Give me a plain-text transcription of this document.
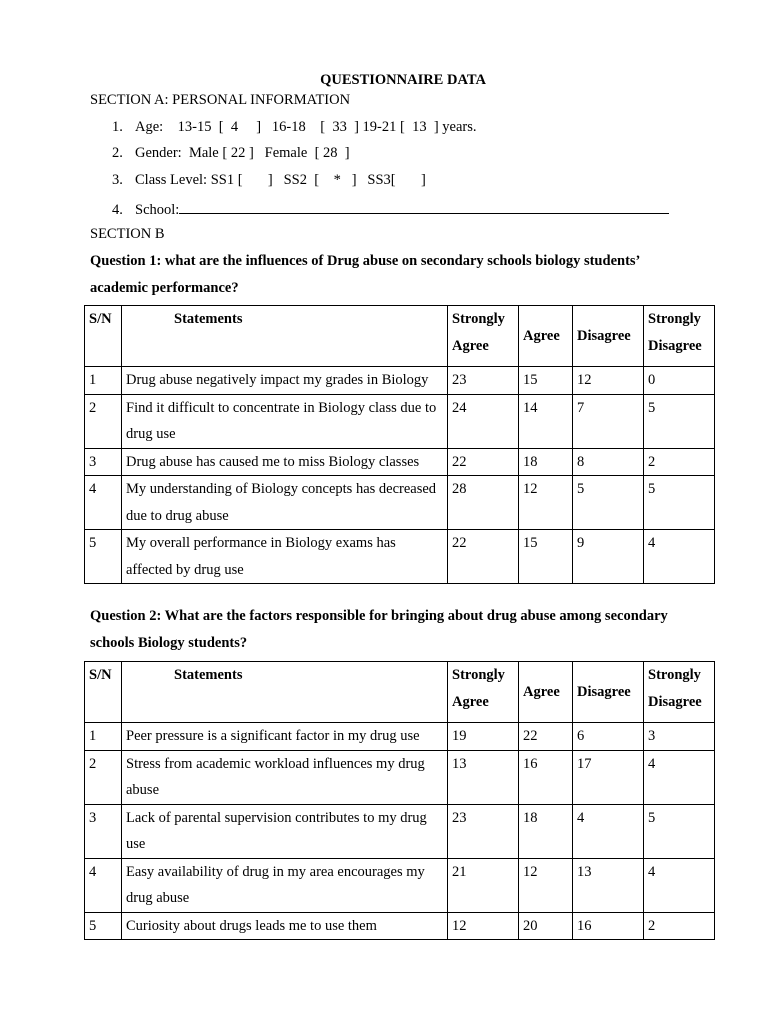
QUESTIONNAIRE DATA
SECTION A: PERSONAL INFORMATION
1. Age:    13-15  [  4     ]   16-18    [  33  ] 19-21 [  13  ] years.
2. Gender:  Male [ 22 ]   Female  [ 28  ]
3. Class Level: SS1 [       ]   SS2  [    *   ]   SS3[       ]
4. School:
SECTION B
Question 1: what are the influences of Drug abuse on secondary schools biology students’ academic performance?
S/N	Statements	Strongly Agree	Agree	Disagree	Strongly Disagree
1	Drug abuse negatively impact my grades in Biology	23	15	12	0
2	Find it difficult to concentrate in Biology class due to drug use	24	14	7	5
3	Drug abuse has caused me to miss Biology classes	22	18	8	2
4	My understanding of Biology concepts has decreased due to drug abuse	28	12	5	5
5	My overall performance in Biology exams has affected by drug use	22	15	9	4
Question 2: What are the factors responsible for bringing about drug abuse among secondary schools Biology students?
S/N	Statements	Strongly Agree	Agree	Disagree	Strongly Disagree
1	Peer pressure is a significant factor in my drug use	19	22	6	3
2	Stress from academic workload influences my drug abuse	13	16	17	4
3	Lack of parental supervision contributes to my drug use	23	18	4	5
4	Easy availability of drug in my area encourages my drug abuse	21	12	13	4
5	Curiosity about drugs leads me to use them	12	20	16	2
